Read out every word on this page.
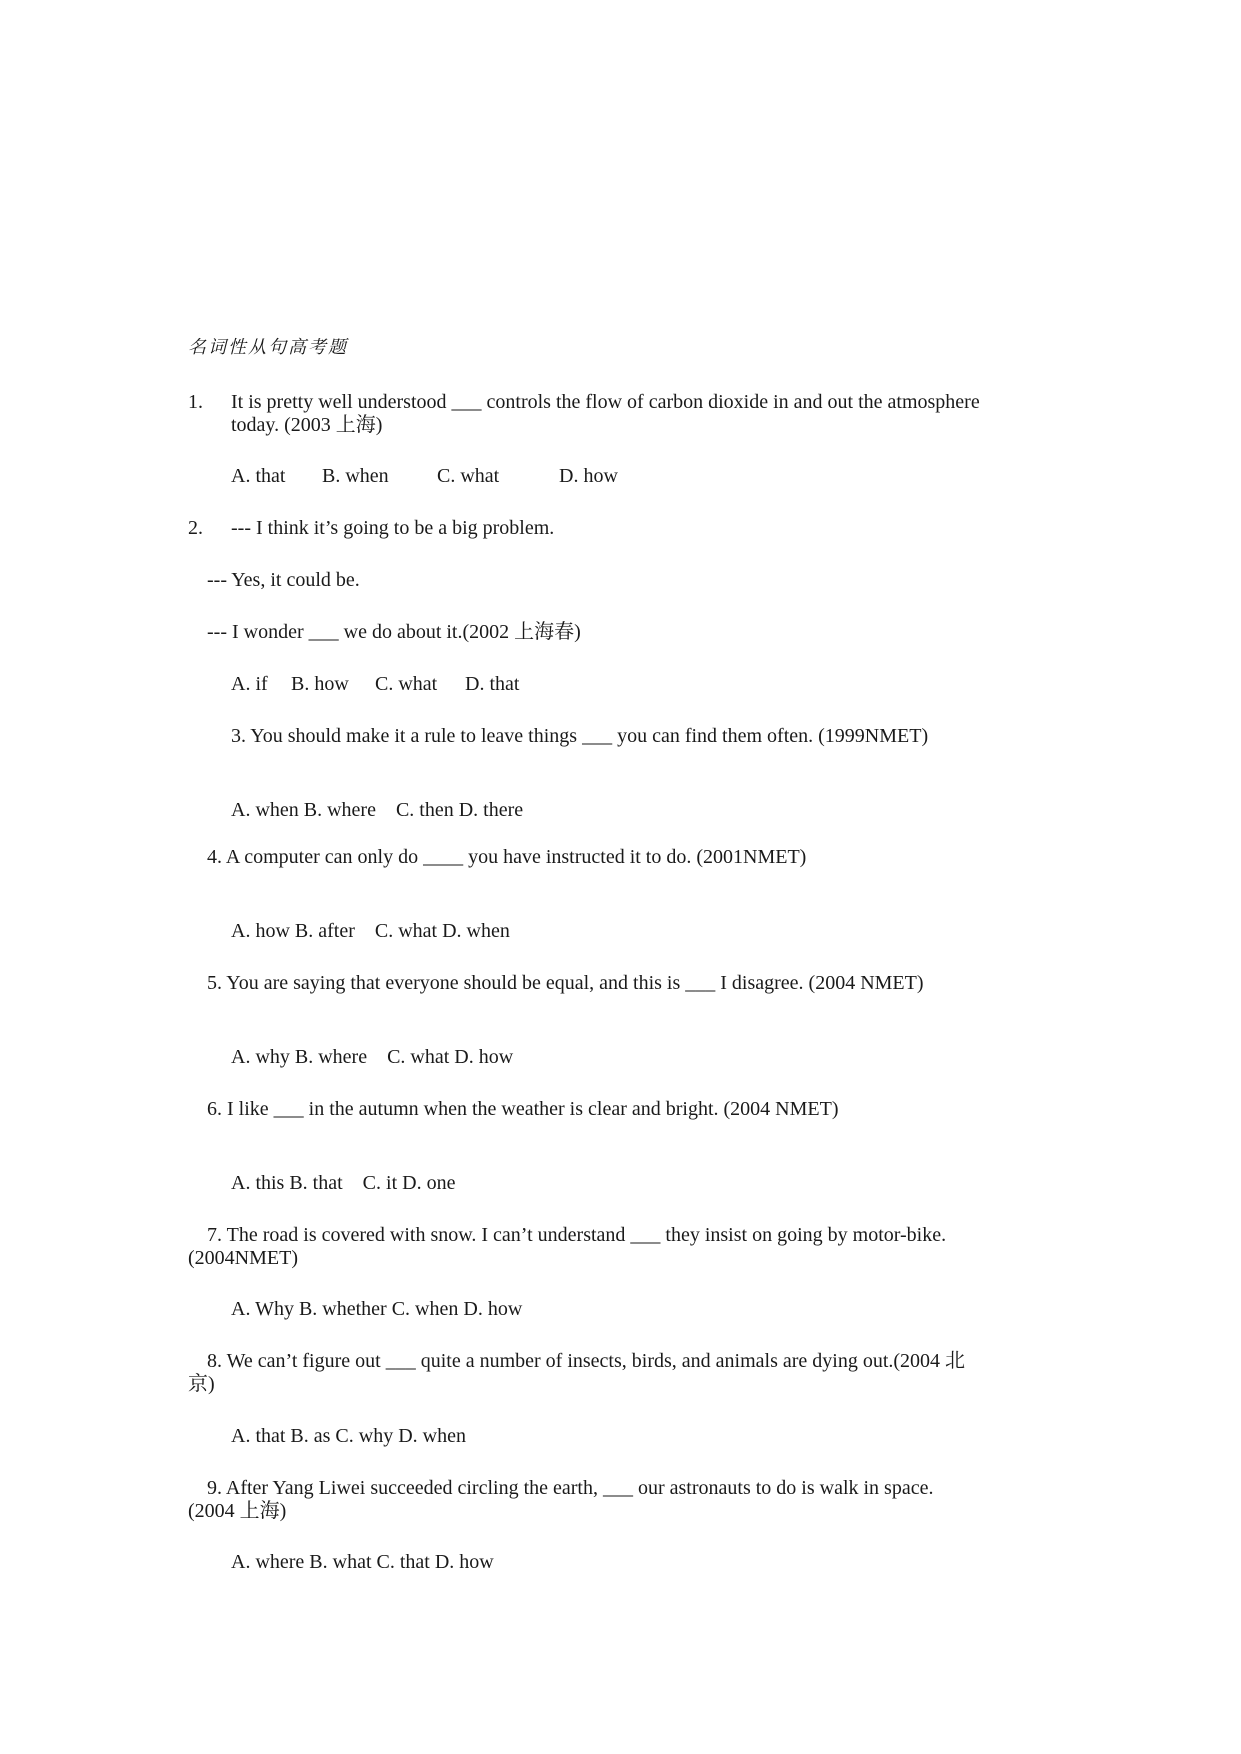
名词性从句高考题
1. It is pretty well understood ___ controls the flow of carbon dioxide in and out the atmosphere
today. (2003 上海)
A. that B. when C. what	D. how
2. --- I think it’s going to be a big problem.
--- Yes, it could be.
--- I wonder ___ we do about it.(2002 上海春)
A. if B. how C. what D. that
3. You should make it a rule to leave things ___ you can find them often. (1999NMET)
A. when B. where    C. then D. there
4. A computer can only do ____ you have instructed it to do. (2001NMET)
A. how B. after    C. what D. when
5. You are saying that everyone should be equal, and this is ___ I disagree. (2004 NMET)
A. why B. where    C. what D. how
6. I like ___ in the autumn when the weather is clear and bright. (2004 NMET)
A. this B. that    C. it D. one
7. The road is covered with snow. I can’t understand ___ they insist on going by motor-bike.
(2004NMET)
A. Why B. whether C. when D. how
8. We can’t figure out ___ quite a number of insects, birds, and animals are dying out.(2004 北
京)
A. that B. as C. why D. when
9. After Yang Liwei succeeded circling the earth, ___ our astronauts to do is walk in space.
(2004 上海)
A. where B. what C. that D. how
